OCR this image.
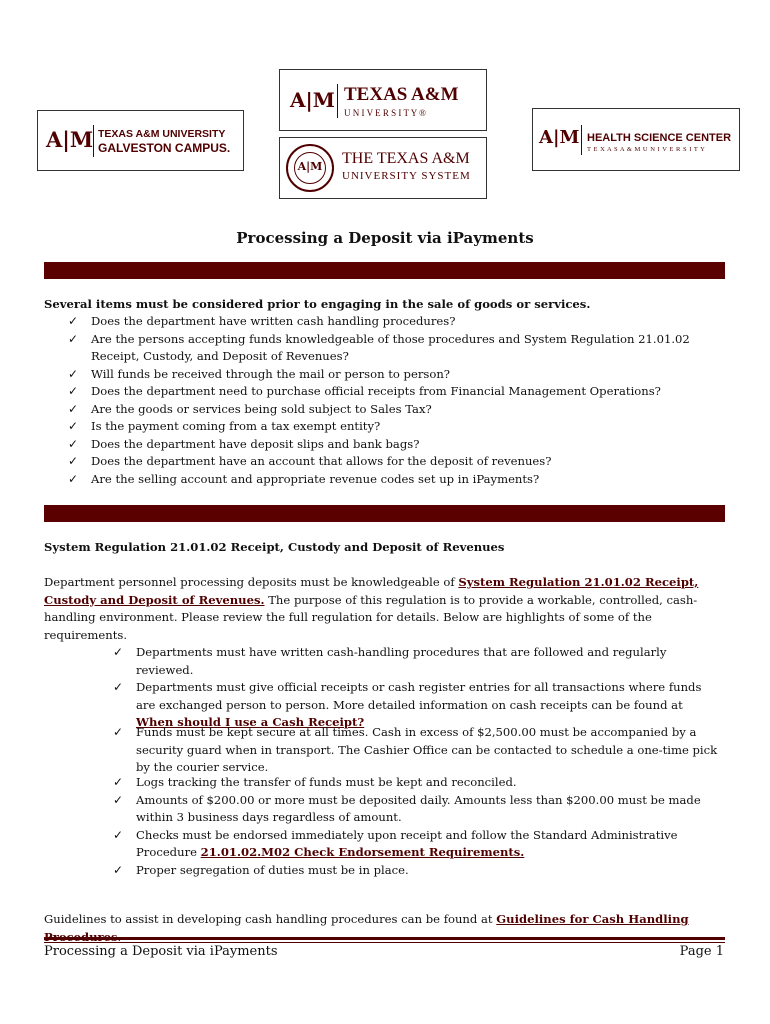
A|M TEXAS A&M UNIVERSITY
GALVESTON CAMPUS.
A|M TEXAS A&M
U N I V E R S I T Y ®
A|M	THE TEXAS A&M
UNIVERSITY SYSTEM
A|M HEALTH SCIENCE CENTER
T E X A S A & M U N I V E R S I T Y
Processing a Deposit via iPayments
Several items must be considered prior to engaging in the sale of goods or services.
✓ Does the department have written cash handling procedures?
✓ Are the persons accepting funds knowledgeable of those procedures and System Regulation 21.01.02 Receipt, Custody, and Deposit of Revenues?
✓ Will funds be received through the mail or person to person?
✓ Does the department need to purchase official receipts from Financial Management Operations?
✓ Are the goods or services being sold subject to Sales Tax?
✓ Is the payment coming from a tax exempt entity?
✓ Does the department have deposit slips and bank bags?
✓ Does the department have an account that allows for the deposit of revenues?
✓ Are the selling account and appropriate revenue codes set up in iPayments?
System Regulation 21.01.02 Receipt, Custody and Deposit of Revenues
Department personnel processing deposits must be knowledgeable of System Regulation 21.01.02 Receipt, Custody and Deposit of Revenues. The purpose of this regulation is to provide a workable, controlled, cash-handling environment. Please review the full regulation for details. Below are highlights of some of the requirements.
✓ Departments must have written cash-handling procedures that are followed and regularly reviewed.
✓ Departments must give official receipts or cash register entries for all transactions where funds are exchanged person to person. More detailed information on cash receipts can be found at When should I use a Cash Receipt?
✓ Funds must be kept secure at all times. Cash in excess of $2,500.00 must be accompanied by a security guard when in transport. The Cashier Office can be contacted to schedule a one-time pick by the courier service.
✓ Logs tracking the transfer of funds must be kept and reconciled.
✓ Amounts of $200.00 or more must be deposited daily. Amounts less than $200.00 must be made within 3 business days regardless of amount.
✓ Checks must be endorsed immediately upon receipt and follow the Standard Administrative Procedure 21.01.02.M02 Check Endorsement Requirements.
✓ Proper segregation of duties must be in place.
Guidelines to assist in developing cash handling procedures can be found at Guidelines for Cash Handling
Processing a Deposit via iPayments	Page 1
